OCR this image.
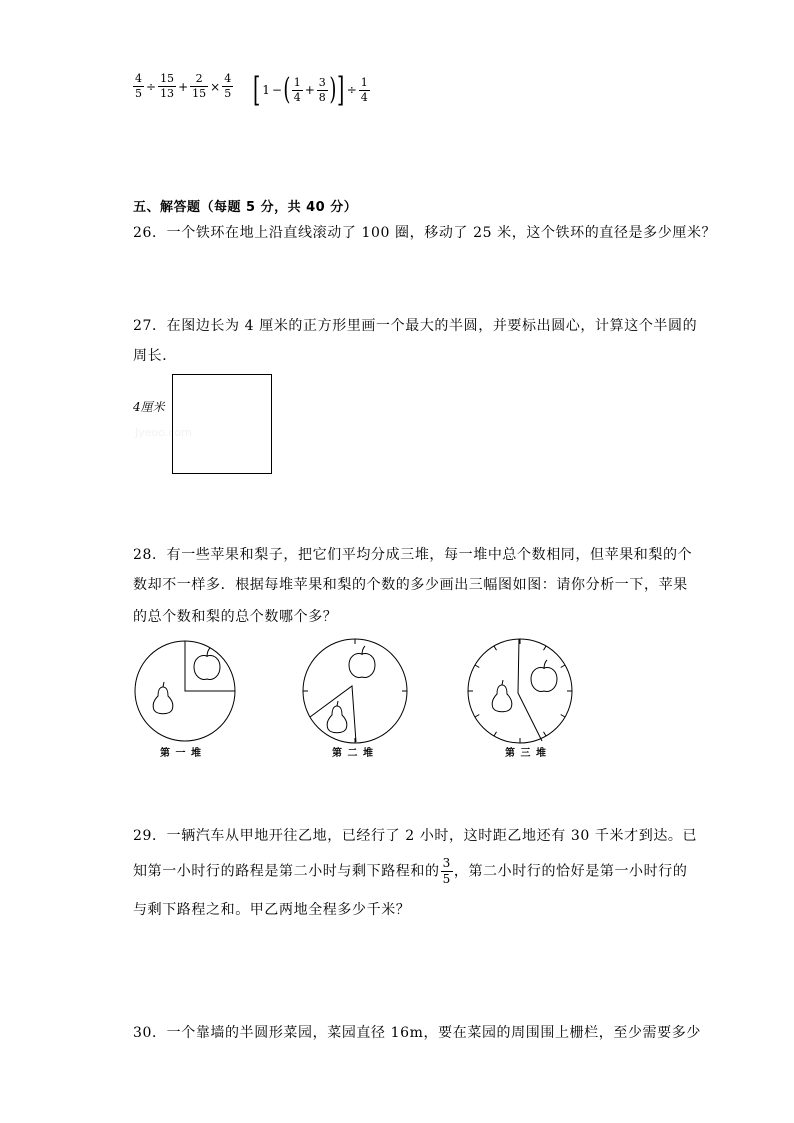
$\frac{4}{5} \div \frac{15}{13} + \frac{2}{15} \times \frac{4}{5}$ [ 1 −( $\frac{1}{4} + \frac{3}{8}$ )] ÷ $\frac{1}{4}$
五、解答题（每题 5 分，共 40 分）
26．一个铁环在地上沿直线滚动了 100 圈，移动了 25 米，这个铁环的直径是多少厘米？
27．在图边长为 4 厘米的正方形里画一个最大的半圆，并要标出圆心，计算这个半圆的
周长．
4厘米
Jyeoo.com
28．有一些苹果和梨子，把它们平均分成三堆，每一堆中总个数相同，但苹果和梨的个
数却不一样多．根据每堆苹果和梨的个数的多少画出三幅图如图：请你分析一下，苹果
的总个数和梨的总个数哪个多？
第 一 堆	第 二 堆	第 三 堆
29．一辆汽车从甲地开往乙地，已经行了 2 小时，这时距乙地还有 30 千米才到达。已
知第一小时行的路程是第二小时与剩下路程和的 $\frac{3}{5}$ ，第二小时行的恰好是第一小时行的
与剩下路程之和。甲乙两地全程多少千米？
30．一个靠墙的半圆形菜园，菜园直径 16m，要在菜园的周围围上栅栏，至少需要多少
